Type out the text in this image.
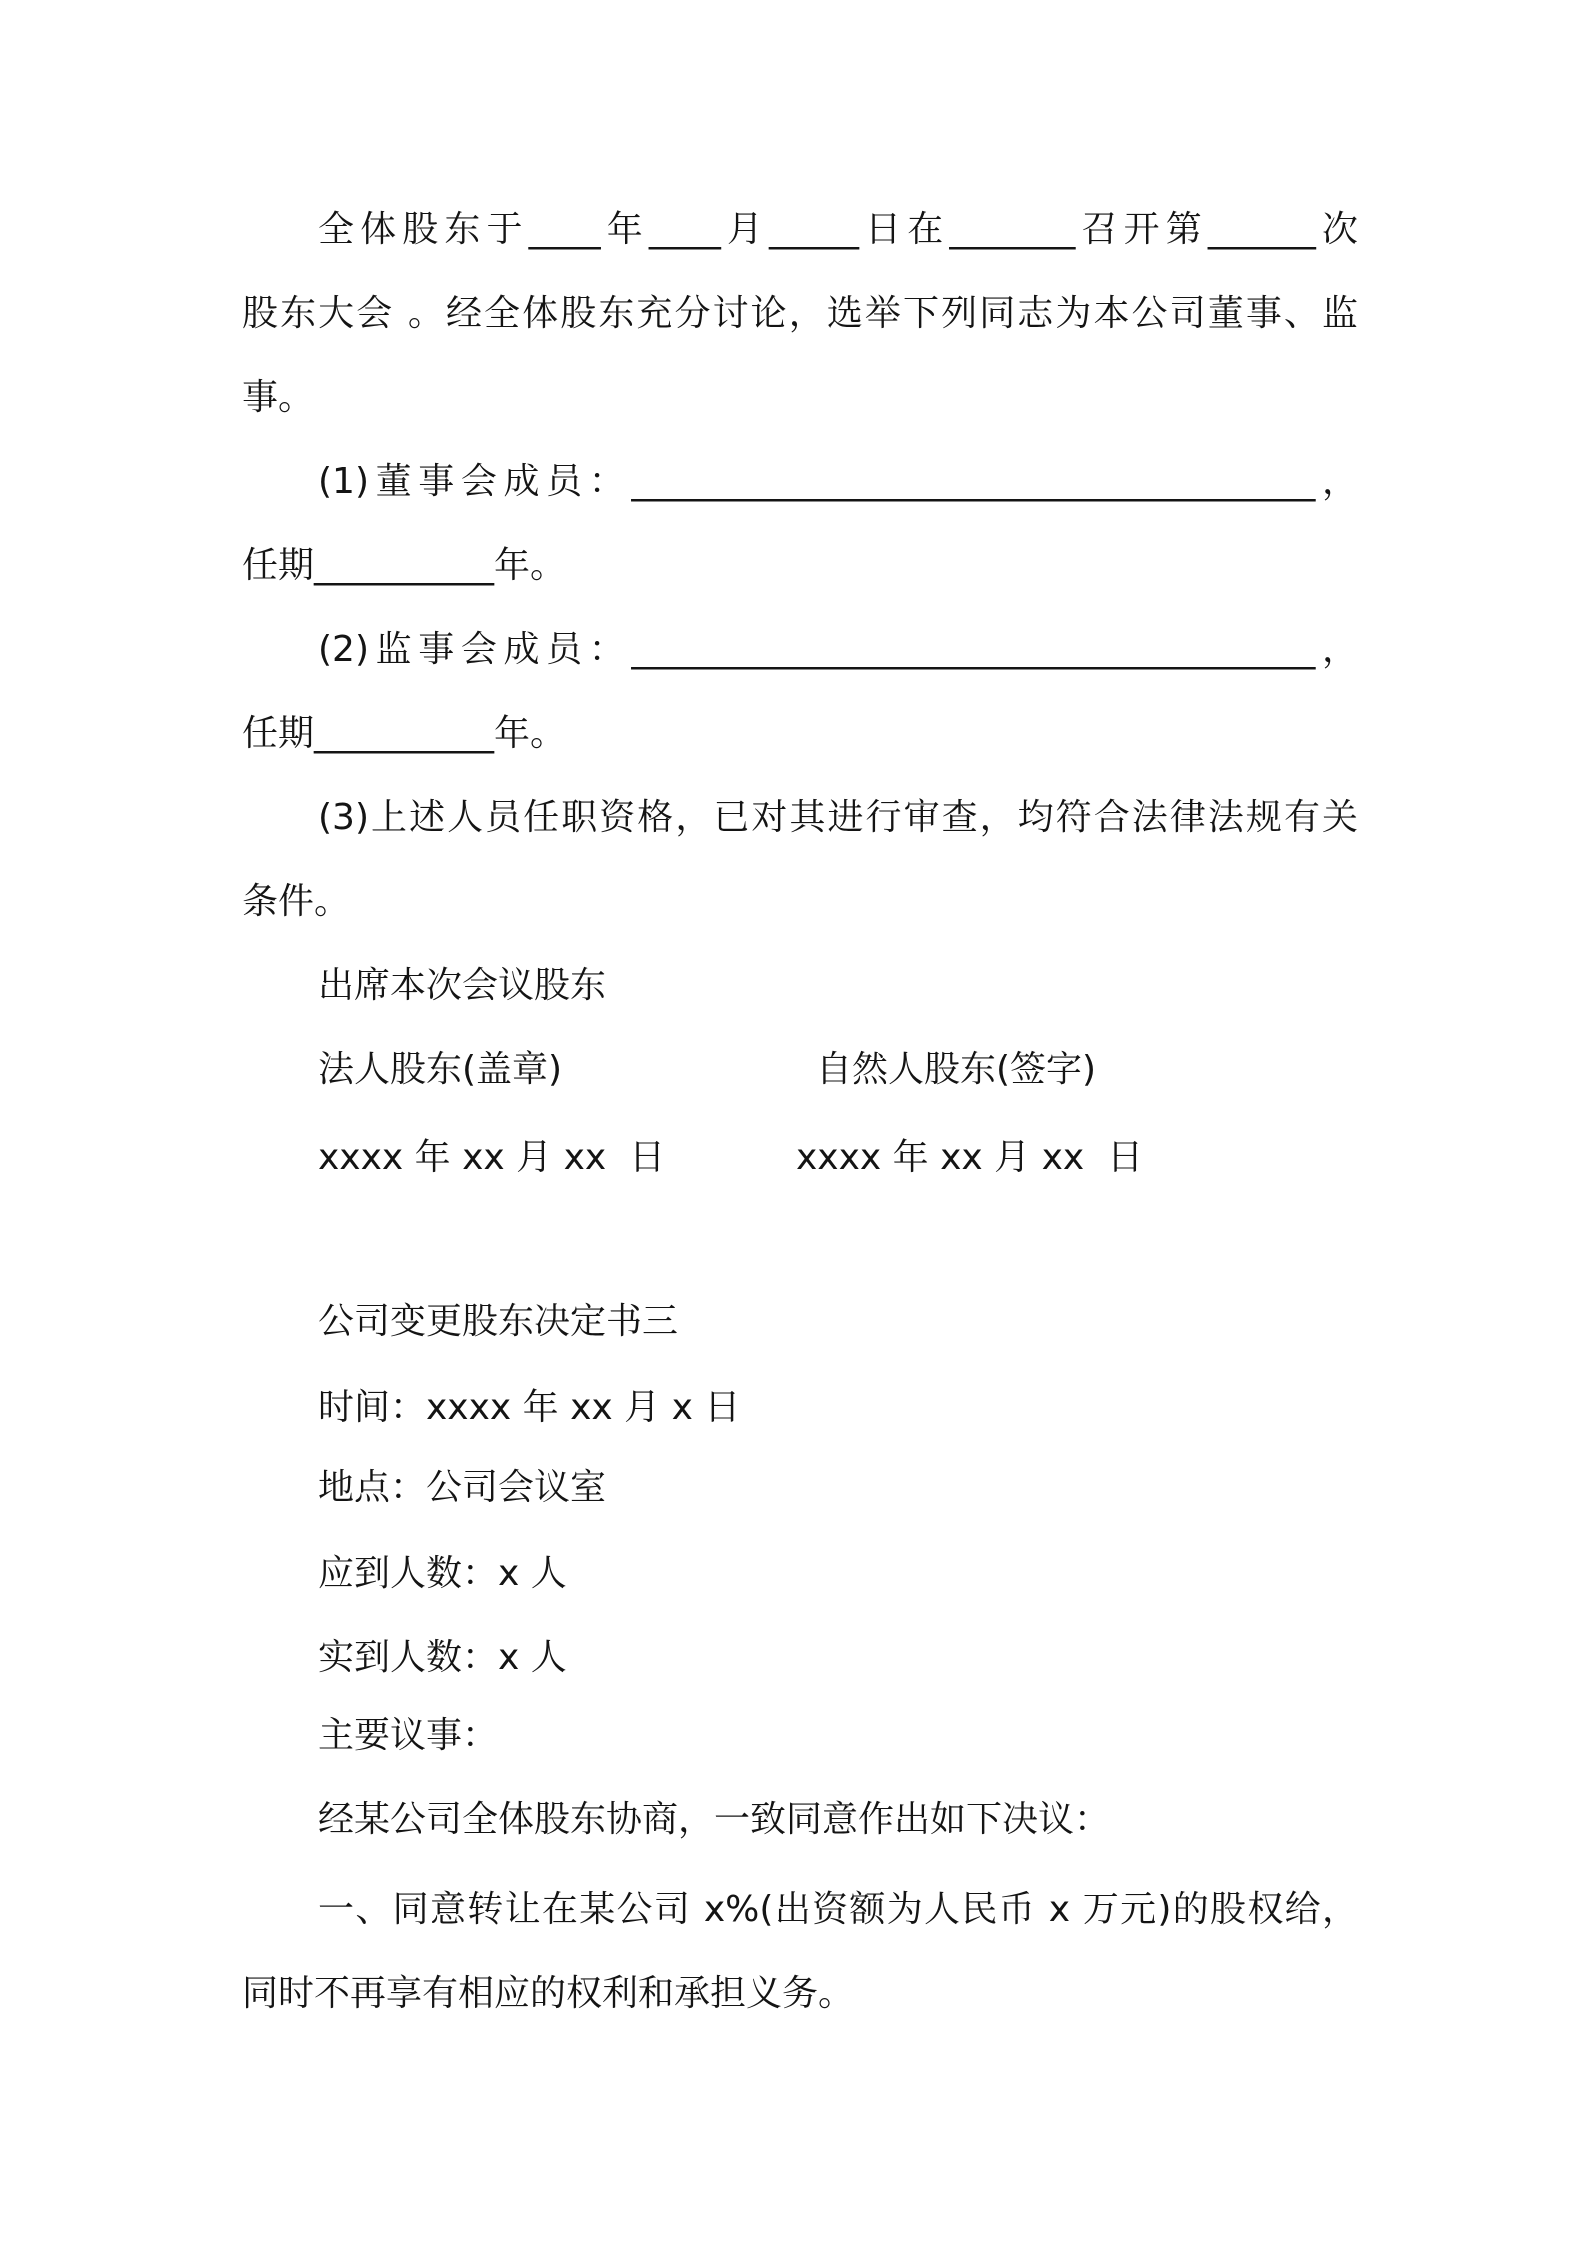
全体股东于____年____月_____日在_______召开第______次
股东大会 。经全体股东充分讨论，选举下列同志为本公司董事、监
事。
(1)董事会成员：______________________________________，
任期__________年。
(2)监事会成员：______________________________________，
任期__________年。
(3)上述人员任职资格，已对其进行审查，均符合法律法规有关
条件。
出席本次会议股东
法人股东(盖章)	自然人股东(签字)
xxxx 年 xx 月 xx  日	xxxx 年 xx 月 xx  日
公司变更股东决定书三
时间：xxxx 年 xx 月 x 日
地点：公司会议室
应到人数：x 人
实到人数：x 人
主要议事：
经某公司全体股东协商，一致同意作出如下决议：
一、同意转让在某公司 x%(出资额为人民币 x 万元)的股权给，
同时不再享有相应的权利和承担义务。
